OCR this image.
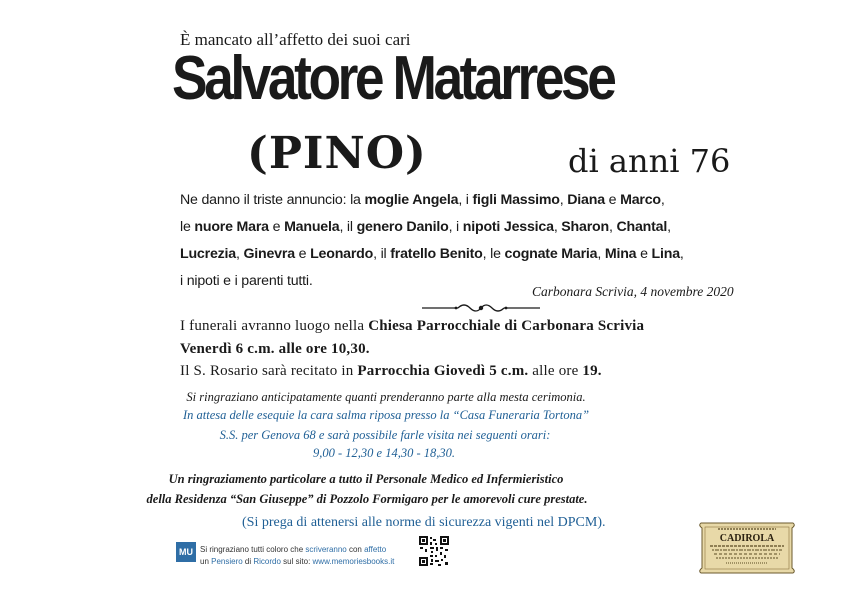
È mancato all’affetto dei suoi cari
Salvatore Matarrese
(PINO)	di anni 76
Ne danno il triste annuncio: la moglie Angela, i figli Massimo, Diana e Marco,
le nuore Mara e Manuela, il genero Danilo, i nipoti Jessica, Sharon, Chantal,
Lucrezia, Ginevra e Leonardo, il fratello Benito, le cognate Maria, Mina e Lina,
i nipoti e i parenti tutti.
Carbonara Scrivia, 4 novembre 2020
I funerali avranno luogo nella Chiesa Parrocchiale di Carbonara Scrivia
Venerdì 6 c.m. alle ore 10,30.
Il S. Rosario sarà recitato in Parrocchia Giovedì 5 c.m. alle ore 19.
Si ringraziano anticipatamente quanti prenderanno parte alla mesta cerimonia.
In attesa delle esequie la cara salma riposa presso la “Casa Funeraria Tortona”
S.S. per Genova 68 e sarà possibile farle visita nei seguenti orari:
9,00 - 12,30 e 14,30 - 18,30.
Un ringraziamento particolare a tutto il Personale Medico ed Infermieristico
della Residenza “San Giuseppe” di Pozzolo Formigaro per le amorevoli cure prestate.
(Si prega di attenersi alle norme di sicurezza vigenti nel DPCM).
MU Si ringraziano tutti coloro che scriveranno con affetto
un Pensiero di Ricordo sul sito: www.memoriesbooks.it
CADIROLA
